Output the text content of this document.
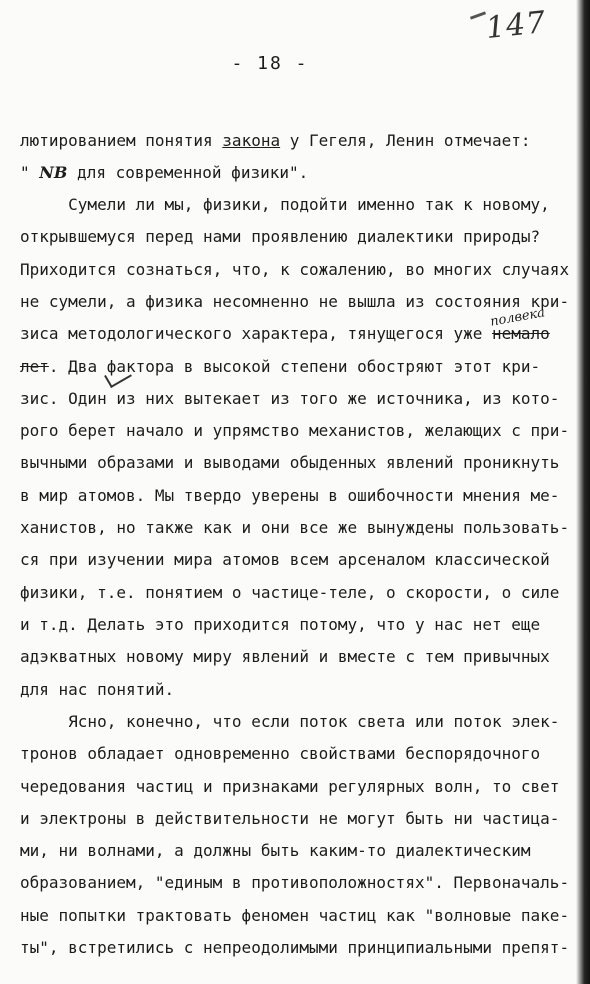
147
- 18 -
лютированием понятия закона у Гегеля, Ленин отмечает:
" NB для современной физики".
Сумели ли мы, физики, подойти именно так к новому,
открывшемуся перед нами проявлению диалектики природы?
Приходится сознаться, что, к сожалению, во многих случаях
не сумели, а физика несомненно не вышла из состояния кри-
зиса методологического характера, тянущегося уже немало
полвека
лет. Два фактора в высокой степени обостряют этот кри-
зис. Один из них вытекает из того же источника, из кото-
рого берет начало и упрямство механистов, желающих с при-
вычными образами и выводами обыденных явлений проникнуть
в мир атомов. Мы твердо уверены в ошибочности мнения ме-
ханистов, но также как и они все же вынуждены пользовать-
ся при изучении мира атомов всем арсеналом классической
физики, т.е. понятием о частице-теле, о скорости, о силе
и т.д. Делать это приходится потому, что у нас нет еще
адэкватных новому миру явлений и вместе с тем привычных
для нас понятий.
Ясно, конечно, что если поток света или поток элек-
тронов обладает одновременно свойствами беспорядочного
чередования частиц и признаками регулярных волн, то свет
и электроны в действительности не могут быть ни частица-
ми, ни волнами, а должны быть каким-то диалектическим
образованием, "единым в противоположностях". Первоначаль-
ные попытки трактовать феномен частиц как "волновые паке-
ты", встретились с непреодолимыми принципиальными препят-
